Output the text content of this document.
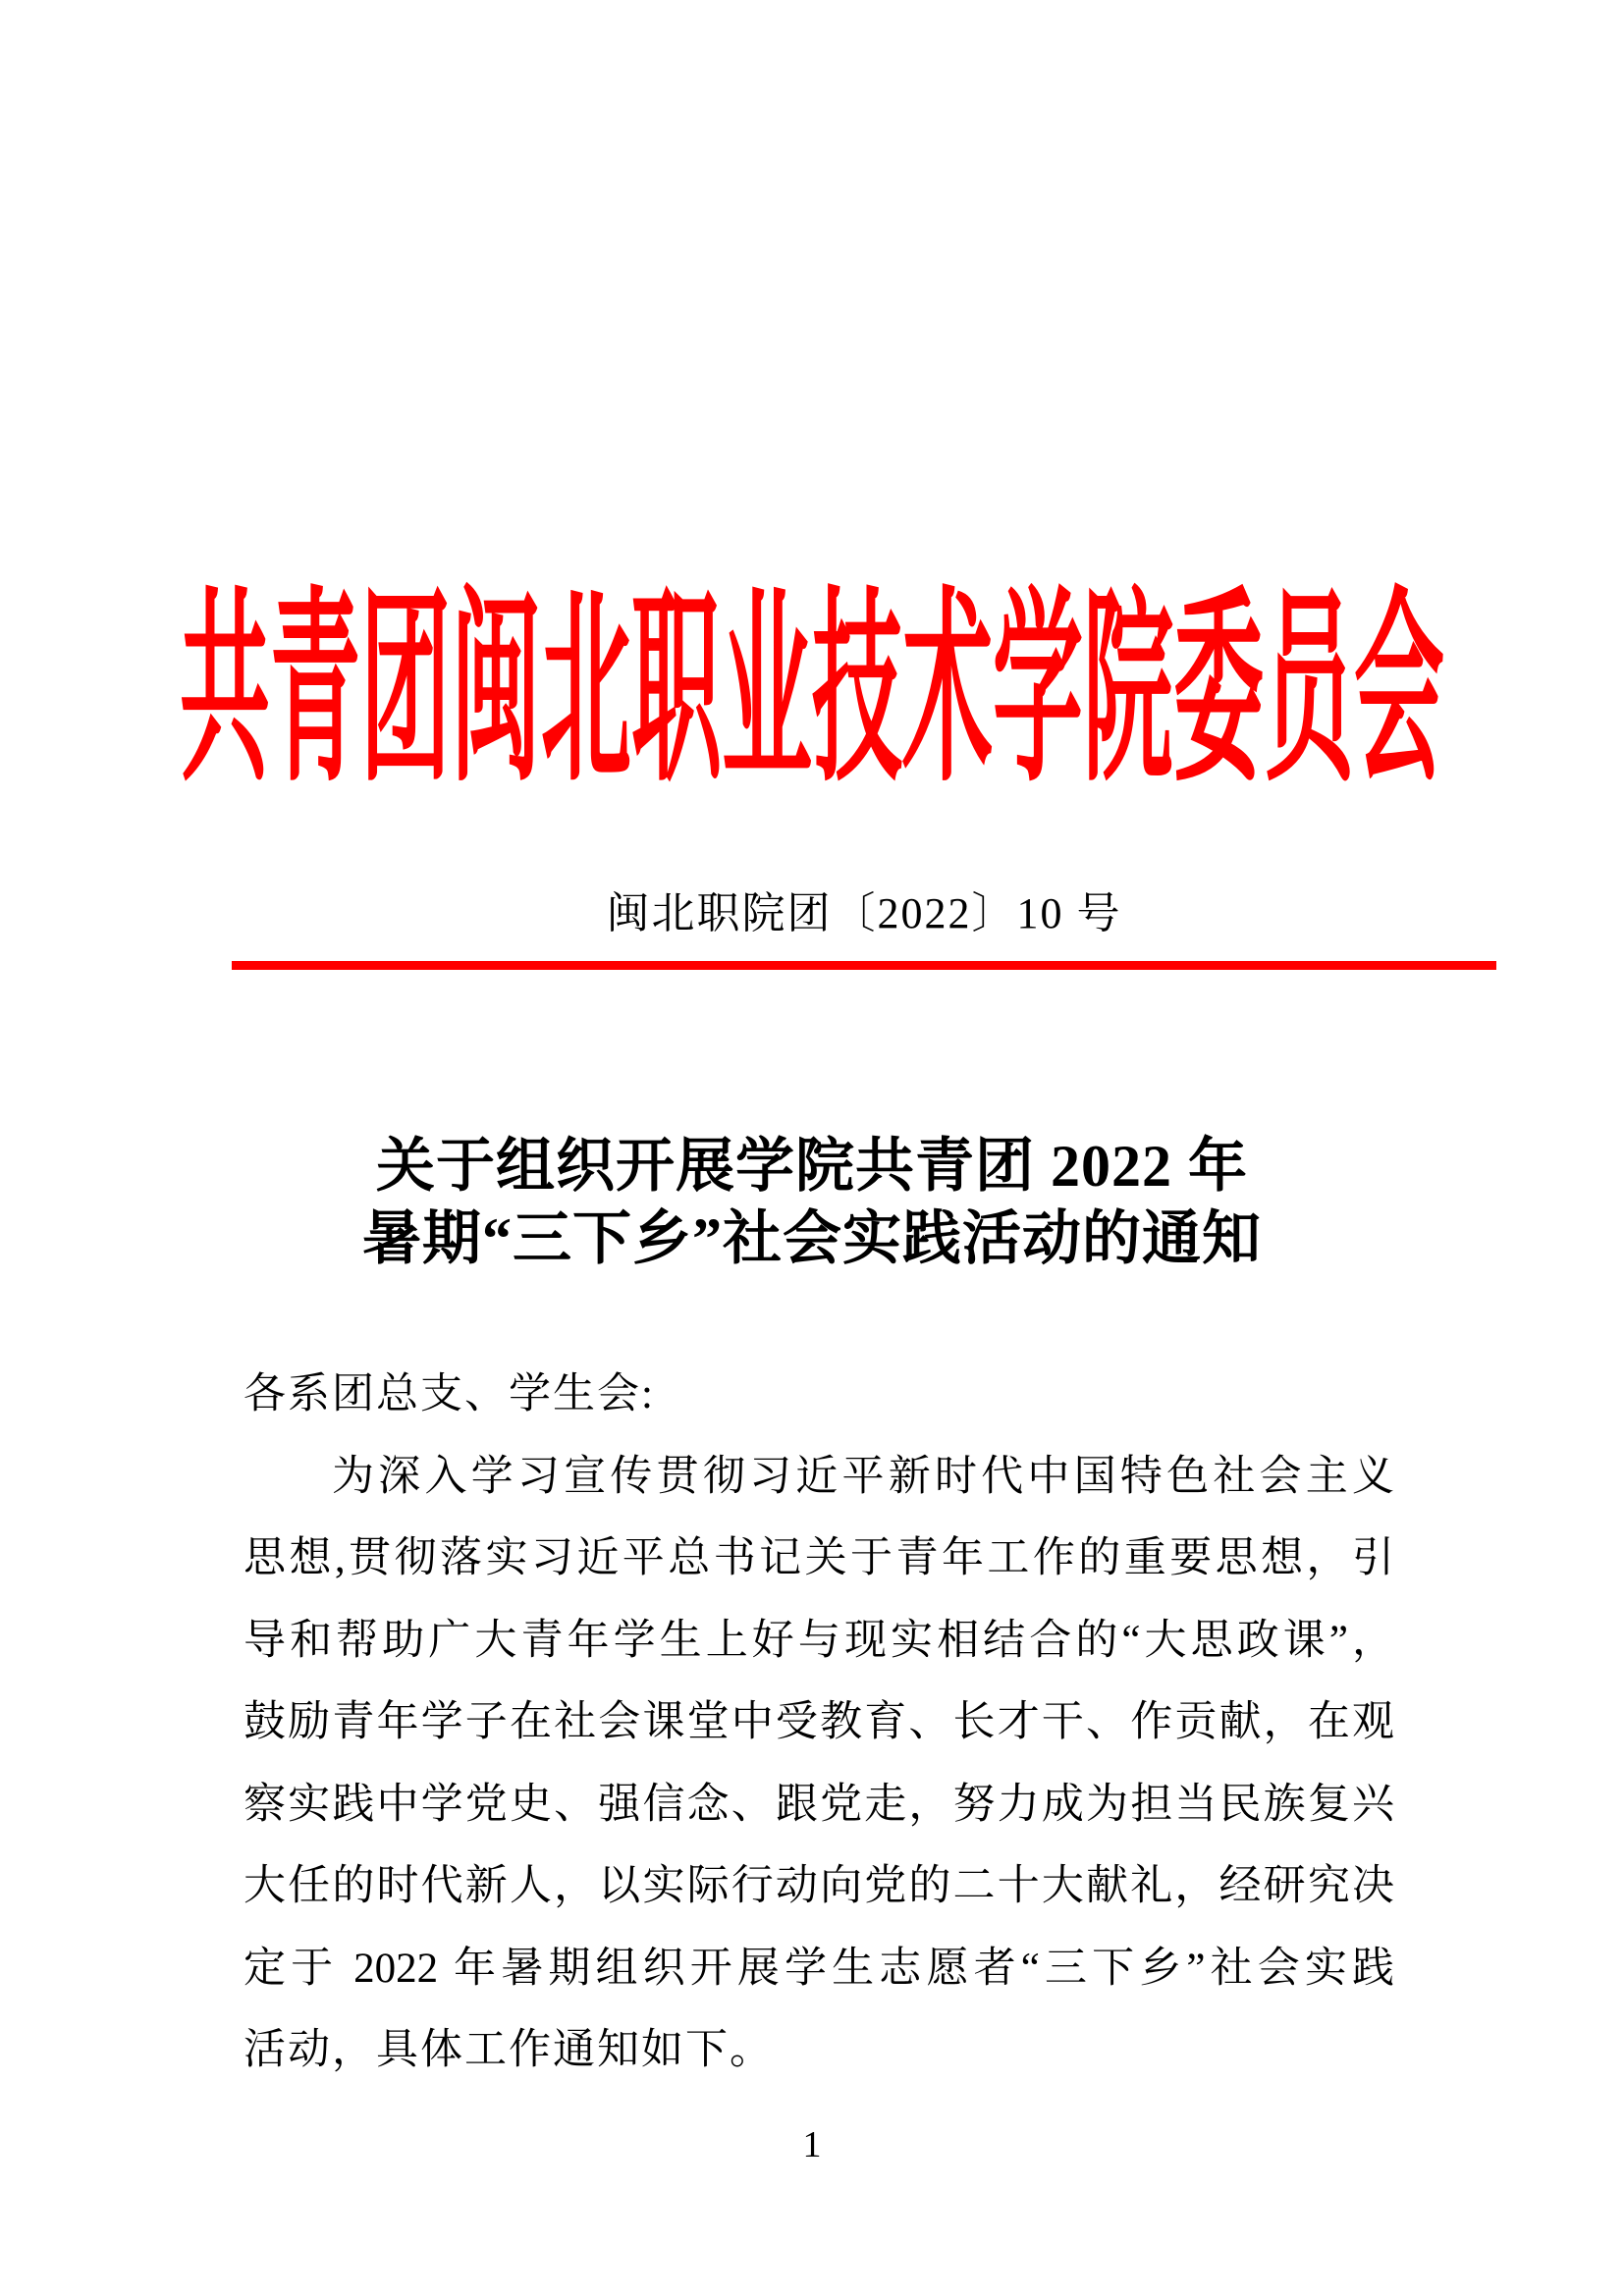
共青团闽北职业技术学院委员会
闽北职院团〔2022〕10 号
关于组织开展学院共青团 2022 年
暑期“三下乡”社会实践活动的通知
各系团总支、学生会:
为深入学习宣传贯彻习近平新时代中国特色社会主义
思想,贯彻落实习近平总书记关于青年工作的重要思想，引
导和帮助广大青年学生上好与现实相结合的“大思政课”，
鼓励青年学子在社会课堂中受教育、长才干、作贡献，在观
察实践中学党史、强信念、跟党走，努力成为担当民族复兴
大任的时代新人，以实际行动向党的二十大献礼，经研究决
定于 2022 年暑期组织开展学生志愿者“三下乡”社会实践
活动，具体工作通知如下。
1
